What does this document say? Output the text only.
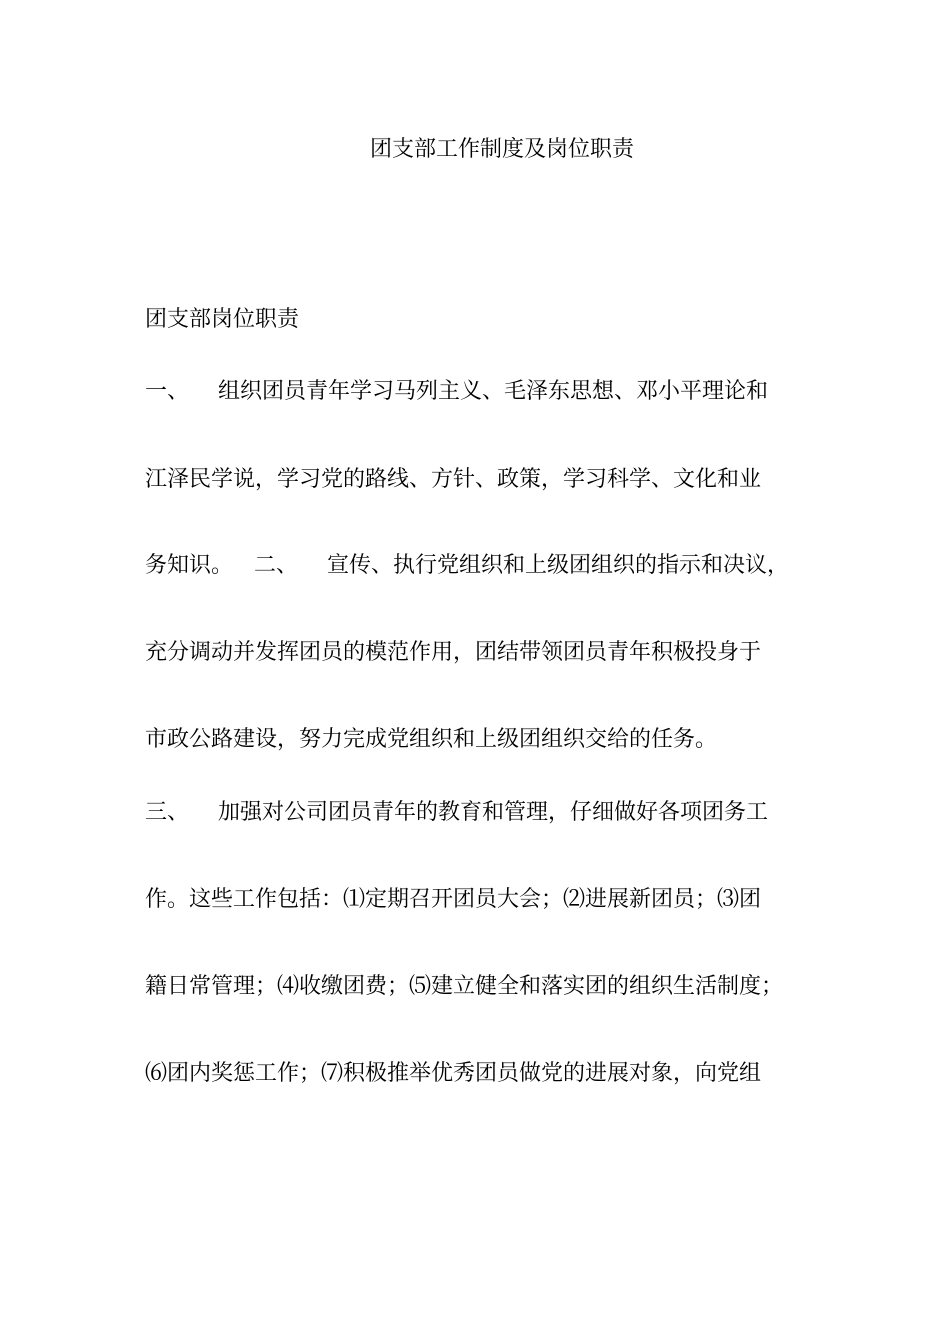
团支部工作制度及岗位职责
团支部岗位职责
一、 组织团员青年学习马列主义、毛泽东思想、邓小平理论和
江泽民学说，学习党的路线、方针、政策，学习科学、文化和业
务知识。 二、 宣传、执行党组织和上级团组织的指示和决议，
充分调动并发挥团员的模范作用，团结带领团员青年积极投身于
市政公路建设，努力完成党组织和上级团组织交给的任务。
三、 加强对公司团员青年的教育和管理，仔细做好各项团务工
作。这些工作包括：⑴定期召开团员大会；⑵进展新团员；⑶团
籍日常管理；⑷收缴团费；⑸建立健全和落实团的组织生活制度；
⑹团内奖惩工作；⑺积极推举优秀团员做党的进展对象，向党组
